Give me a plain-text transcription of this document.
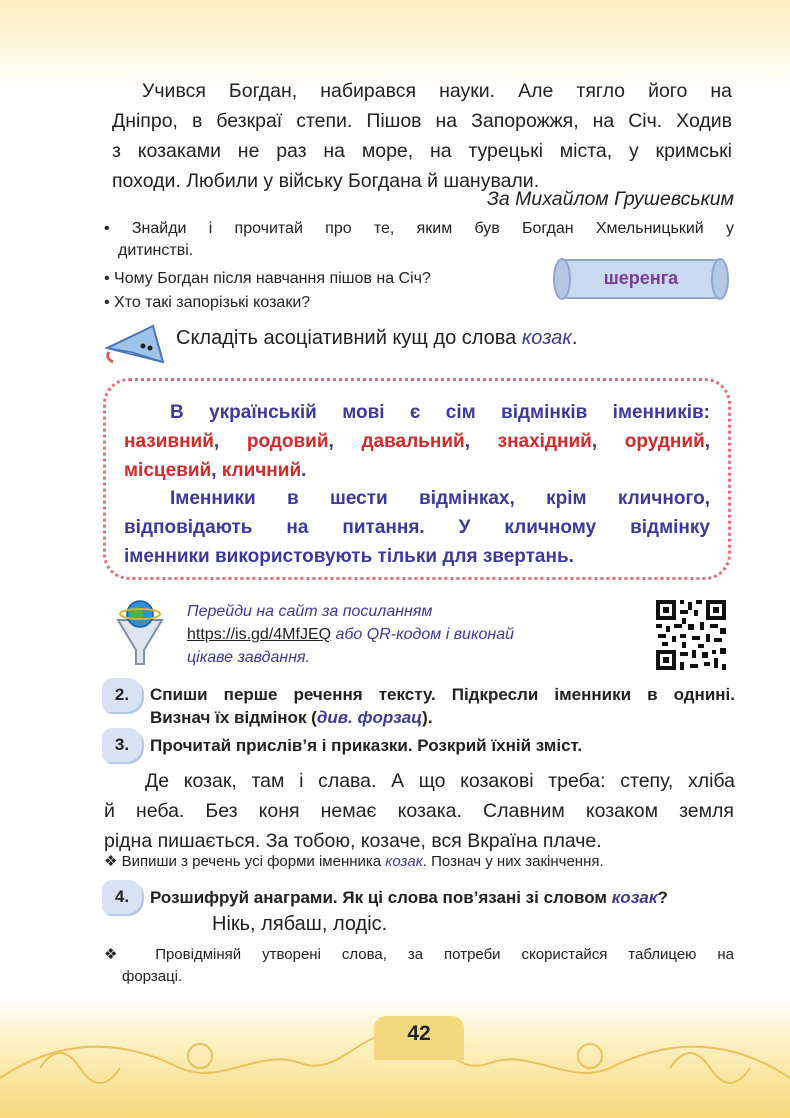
42
Учився Богдан, набирався науки. Але тягло його на
Дніпро, в безкраї степи. Пішов на Запорожжя, на Січ. Ходив
з козаками не раз на море, на турецькі міста, у кримські
походи. Любили у війську Богдана й шанували.
За Михайлом Грушевським
• Знайди і прочитай про те, яким був Богдан Хмельницький у
дитинстві.
• Чому Богдан після навчання пішов на Січ?
• Хто такі запорізькі козаки?
шеренга
Складіть асоціативний кущ до слова козак.
В українській мові є сім відмінків іменників:
називний, родовий, давальний, знахідний, орудний,
місцевий, кличний.
Іменники в шести відмінках, крім кличного,
відповідають на питання. У кличному відмінку
іменники використовують тільки для звертань.
Перейди на сайт за посиланням
https://is.gd/4MfJEQ або QR-кодом і виконай
цікаве завдання.
2.	Спиши перше речення тексту. Підкресли іменники в однині.
Визнач їх відмінок (див. форзац).
3.	Прочитай прислів’я і приказки. Розкрий їхній зміст.
Де козак, там і слава. А що козакові треба: степу, хліба
й неба. Без коня немає козака. Славним козаком земля
рідна пишається. За тобою, козаче, вся Вкраїна плаче.
❖ Випиши з речень усі форми іменника козак. Познач у них закінчення.
4.	Розшифруй анаграми. Як ці слова пов’язані зі словом козак?
Нікь, лябаш, лодіс.
❖ Провідміняй утворені слова, за потреби скористайся таблицею на
форзаці.
